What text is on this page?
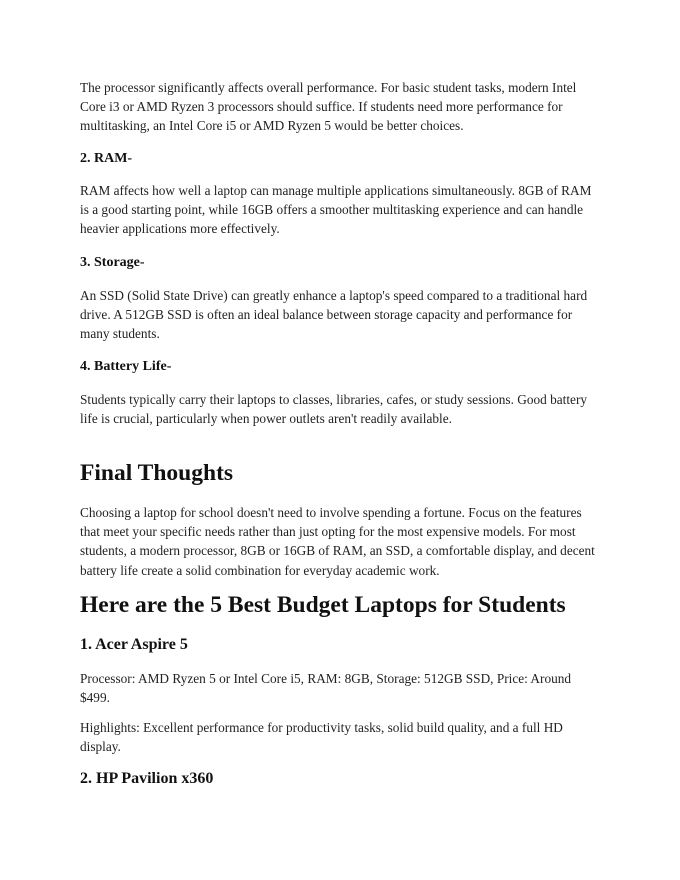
The processor significantly affects overall performance. For basic student tasks, modern Intel Core i3 or AMD Ryzen 3 processors should suffice. If students need more performance for multitasking, an Intel Core i5 or AMD Ryzen 5 would be better choices.

2. RAM-

RAM affects how well a laptop can manage multiple applications simultaneously. 8GB of RAM is a good starting point, while 16GB offers a smoother multitasking experience and can handle heavier applications more effectively.

3. Storage-

An SSD (Solid State Drive) can greatly enhance a laptop's speed compared to a traditional hard drive. A 512GB SSD is often an ideal balance between storage capacity and performance for many students.

4. Battery Life-

Students typically carry their laptops to classes, libraries, cafes, or study sessions. Good battery life is crucial, particularly when power outlets aren't readily available.

Final Thoughts

Choosing a laptop for school doesn't need to involve spending a fortune. Focus on the features that meet your specific needs rather than just opting for the most expensive models. For most students, a modern processor, 8GB or 16GB of RAM, an SSD, a comfortable display, and decent battery life create a solid combination for everyday academic work.

Here are the 5 Best Budget Laptops for Students
1. Acer Aspire 5

Processor: AMD Ryzen 5 or Intel Core i5, RAM: 8GB, Storage: 512GB SSD, Price: Around $499.

Highlights: Excellent performance for productivity tasks, solid build quality, and a full HD display.

2. HP Pavilion x360
